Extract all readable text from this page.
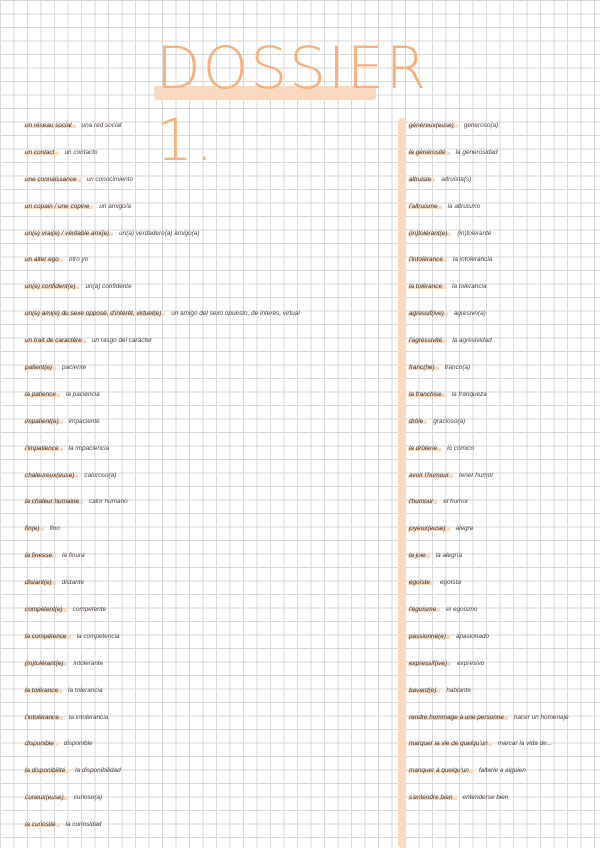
DOSSIER 1.
un réseau social	una red social
un contact	un contacto
une connaissance	un conocimiento
un copain / une copine	un amigo/a
un(e) vrai(e) / véritable ami(e)	un(a) verdadero(a) amigo(a)
un alter ego	otro yo
un(e) confident(e)	un(a) confidente
un(e) ami(e) du sexe opposé, d'intérêt, virtuel(e)	un amigo del sexo opuesto, de interés, virtual
un trait de caractère	un rasgo del carácter
patient(e)	paciente
la patience	la paciencia
impatient(e)	impaciente
l'impatience	la impaciencia
chaleureux(euse)	caluroso(a)
la chaleur humaine	calor humano
fin(e)	fino
la finesse	la finura
distant(e)	distante
compétent(e)	competente
la compétence	la competencia
(in)tolérant(e)	intolerante
la tolérance	la tolerancia
l'intolérance	la intolerancia
disponible	disponible
la disponibilité	la disponibilidad
curieux(euse)	curioso(a)
la curiosité	la curiosidad
généreux(euse)	generoso(a)
la générosité	la generosidad
altruiste	altruista(s)
l'altruisme	la altruismo
(in)tolérant(e)	(in)tolerante
l'intolérance	la intolerancia
la tolérance	la tolerancia
agressif(ive)	agresivo(a)
l'agressivité	la agresividad
franc(he)	franco(a)
la franchise	la franqueza
drôle	gracioso(a)
la drôlerie	lo cómico
avoir l'humour	tener humor
l'humour	el humor
joyeux(euse)	alegre
la joie	la alegría
égoïste	egoísta
l'égoïsme	el egoísmo
passionné(e)	apasionado
expressif(ive)	expresivo
bavard(e)	hablante
rendre hommage à une personne	hacer un homenaje
marquer la vie de quelqu'un	marcar la vida de...
manquer à quelqu'un	faltarle a alguien
s'entendre bien	entenderse bien
